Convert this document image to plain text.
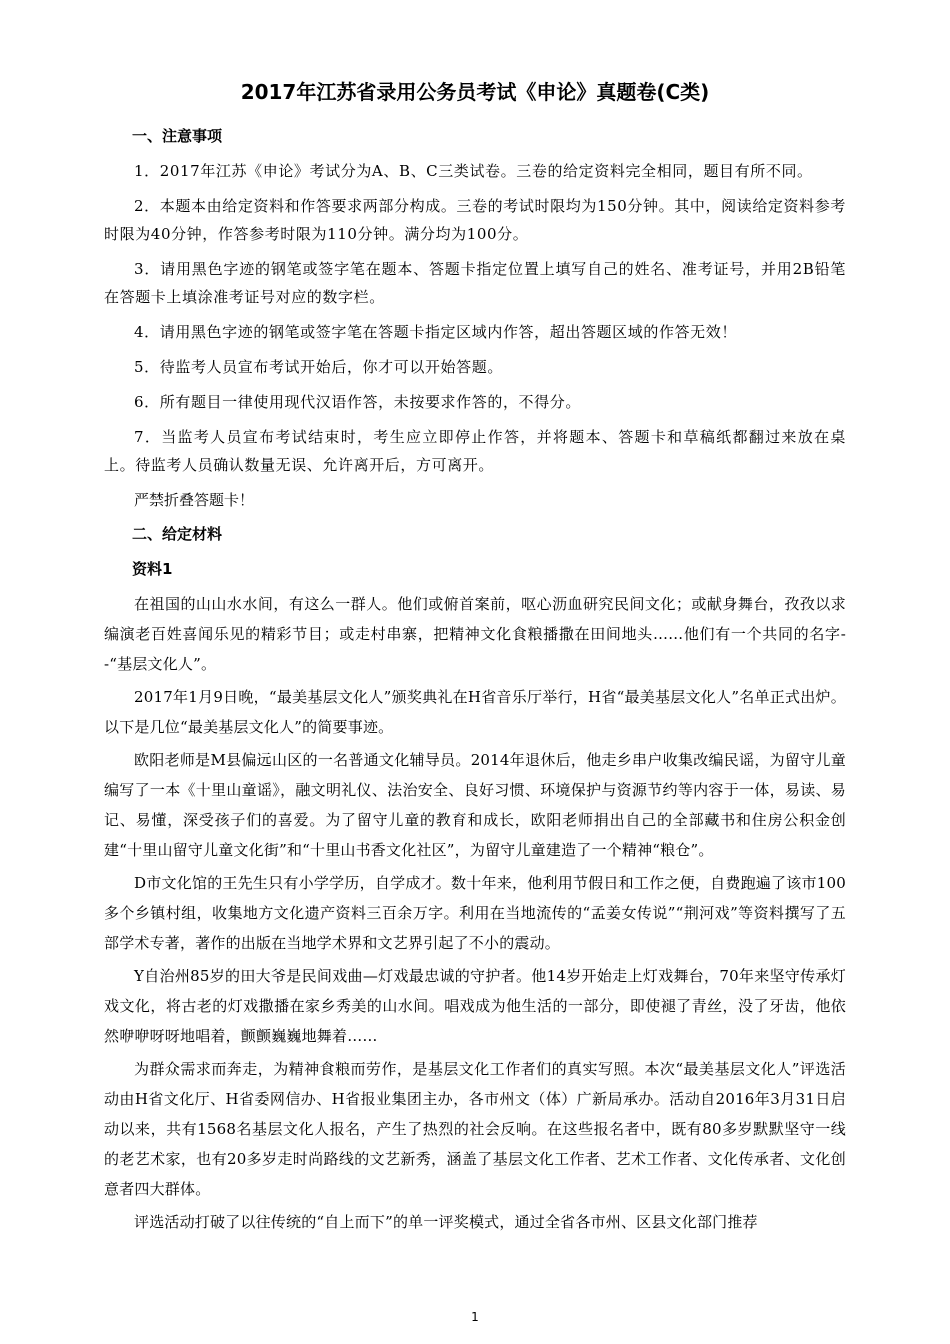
2017年江苏省录用公务员考试《申论》真题卷(C类)
一、注意事项
1．2017年江苏《申论》考试分为A、B、C三类试卷。三卷的给定资料完全相同，题目有所不同。
2．本题本由给定资料和作答要求两部分构成。三卷的考试时限均为150分钟。其中，阅读给定资料参考时限为40分钟，作答参考时限为110分钟。满分均为100分。
3．请用黑色字迹的钢笔或签字笔在题本、答题卡指定位置上填写自己的姓名、准考证号，并用2B铅笔在答题卡上填涂准考证号对应的数字栏。
4．请用黑色字迹的钢笔或签字笔在答题卡指定区域内作答，超出答题区域的作答无效！
5．待监考人员宣布考试开始后，你才可以开始答题。
6．所有题目一律使用现代汉语作答，未按要求作答的，不得分。
7．当监考人员宣布考试结束时，考生应立即停止作答，并将题本、答题卡和草稿纸都翻过来放在桌上。待监考人员确认数量无误、允许离开后，方可离开。
严禁折叠答题卡！
二、给定材料
资料1
在祖国的山山水水间，有这么一群人。他们或俯首案前，呕心沥血研究民间文化；或献身舞台，孜孜以求编演老百姓喜闻乐见的精彩节目；或走村串寨，把精神文化食粮播撒在田间地头……他们有一个共同的名字--“基层文化人”。
2017年1月9日晚，“最美基层文化人”颁奖典礼在H省音乐厅举行，H省“最美基层文化人”名单正式出炉。以下是几位“最美基层文化人”的简要事迹。
欧阳老师是M县偏远山区的一名普通文化辅导员。2014年退休后，他走乡串户收集改编民谣，为留守儿童编写了一本《十里山童谣》，融文明礼仪、法治安全、良好习惯、环境保护与资源节约等内容于一体，易读、易记、易懂，深受孩子们的喜爱。为了留守儿童的教育和成长，欧阳老师捐出自己的全部藏书和住房公积金创建“十里山留守儿童文化街”和“十里山书香文化社区”，为留守儿童建造了一个精神“粮仓”。
D市文化馆的王先生只有小学学历，自学成才。数十年来，他利用节假日和工作之便，自费跑遍了该市100多个乡镇村组，收集地方文化遗产资料三百余万字。利用在当地流传的“孟姜女传说”“荆河戏”等资料撰写了五部学术专著，著作的出版在当地学术界和文艺界引起了不小的震动。
Y自治州85岁的田大爷是民间戏曲—灯戏最忠诚的守护者。他14岁开始走上灯戏舞台，70年来坚守传承灯戏文化，将古老的灯戏撒播在家乡秀美的山水间。唱戏成为他生活的一部分，即使褪了青丝，没了牙齿，他依然咿咿呀呀地唱着，颤颤巍巍地舞着……
为群众需求而奔走，为精神食粮而劳作，是基层文化工作者们的真实写照。本次“最美基层文化人”评选活动由H省文化厅、H省委网信办、H省报业集团主办，各市州文（体）广新局承办。活动自2016年3月31日启动以来，共有1568名基层文化人报名，产生了热烈的社会反响。在这些报名者中，既有80多岁默默坚守一线的老艺术家，也有20多岁走时尚路线的文艺新秀，涵盖了基层文化工作者、艺术工作者、文化传承者、文化创意者四大群体。
评选活动打破了以往传统的“自上而下”的单一评奖模式，通过全省各市州、区县文化部门推荐
1
